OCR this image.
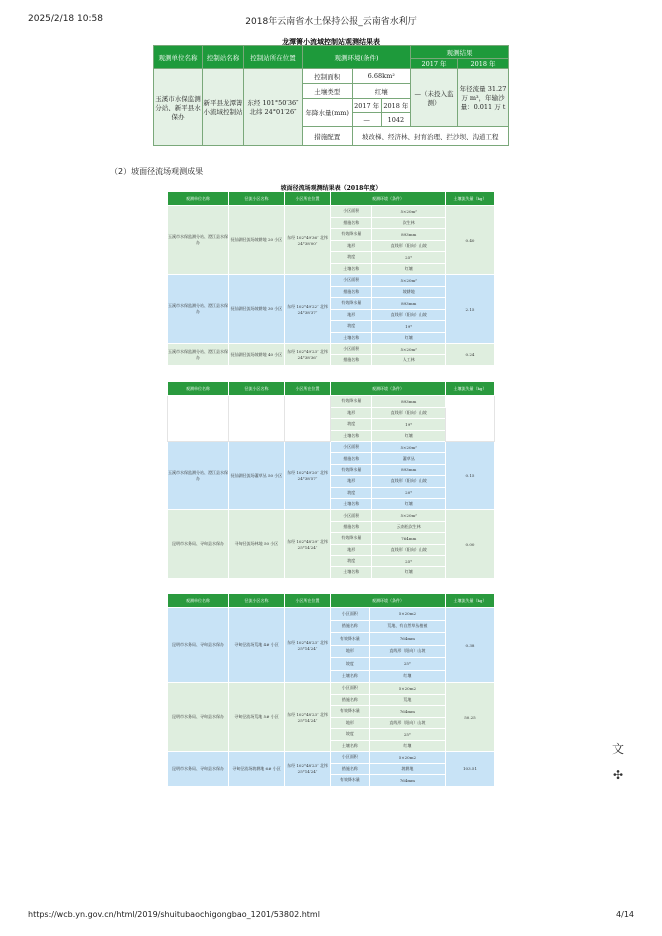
2025/2/18 10:58	2018年云南省水土保持公报_云南省水利厅
龙潭箐小流域控制站观测结果表
观测单位名称	控制站名称	控制站所在位置	观测环境(条件)			观测结果	
						2017 年	2018 年
玉溪市水保监测分站、新平县水保办	新平县龙潭箐小流域控制站	东经 101°50′36″ 北纬 24°01′26″	控制面积	6.68km²		—（未投入监测）	年径流量 31.27 万 m³，年输沙量：0.011 万 t
			土壤类型	红壤			
			年降水量(mm)	2017 年	2018 年		
				—	1042		
			措施配置	坡改梯、经济林、封育治理、拦沙坝、沟道工程			
（2）坡面径流场观测成果
坡面径流场观测结果表（2018年度）
观测单位名称	径流小区名称	小区所在位置	观测环境（条件）		土壤流失量（kg）
玉溪市水保监测分站、澄江县水保办	抚仙湖径流场坡耕地 20 小区	东经 102°49′36″ 北纬 24°38′00″	小区面积	5×20m²	0.40
			措施名称	次生林	
			有效降水量	893mm	
			地形	直线形（阳向）山坡	
			坡度	25°	
			土壤名称	红壤	
玉溪市水保监测分站、澄江县水保办	抚仙湖径流场坡耕地 30 小区	东经 102°49′22″ 北纬 24°38′37″	小区面积	5×20m²	2.15
			措施名称	坡耕地	
			有效降水量	893mm	
			地形	直线形（阳向）山坡	
			坡度	19°	
			土壤名称	红壤	
玉溪市水保监测分站、澄江县水保办	抚仙湖径流场坡耕地 40 小区	东经 102°49′23″ 北纬 24°38′36″	小区面积	5×20m²	0.24
			措施名称	人工林	
观测单位名称	径流小区名称	小区所在位置	观测环境（条件）		土壤流失量（kg）
			有效降水量	893mm	
			地形	直线形（阳向）山坡	
			坡度	19°	
			土壤名称	红壤	
玉溪市水保监测分站、澄江县水保办	抚仙湖径流场灌草丛 50 小区	东经 102°49′20″ 北纬 24°38′57″	小区面积	5×20m²	0.15
			措施名称	灌草丛	
			有效降水量	893mm	
			地形	直线形（阳向）山坡	
			坡度	20°	
			土壤名称	红壤	
昆明市水务局、寻甸县水保办	寻甸径流场林地 50 小区	东经 102°48′29″ 北纬 25°14′24″	小区面积	5×20m²	0.00
			措施名称	云南松次生林	
			有效降水量	764mm	
			地形	直线形（阳向）山坡	
			坡度	25°	
			土壤名称	红壤	
观测单位名称	径流小区名称	小区所在位置	观测环境（条件）		土壤流失量（kg）
昆明市水务局、寻甸县水保办	寻甸径流场荒地 4# 小区	东经 102°48′23″ 北纬 25°14′24″	小区面积	5×20m2	0.38
			措施名称	荒地、有自然草丛植被	
			有效降水量	764mm	
			地形	直线形（阳向）山坡	
			坡度	25°	
			土壤名称	红壤	
昆明市水务局、寻甸县水保办	寻甸径流场荒地 5# 小区	东经 102°48′23″ 北纬 25°14′24″	小区面积	5×20m2	50.25
			措施名称	荒地	
			有效降水量	764mm	
			地形	直线形（阳向）山坡	
			坡度	25°	
			土壤名称	红壤	
昆明市水务局、寻甸县水保办	寻甸径流场坡耕地 6# 小区	东经 102°48′23″ 北纬 25°14′24″	小区面积	5×20m2	103.51
			措施名称	坡耕地	
			有效降水量	764mm	
文
✣
https://wcb.yn.gov.cn/html/2019/shuitubaochigongbao_1201/53802.html	4/14
